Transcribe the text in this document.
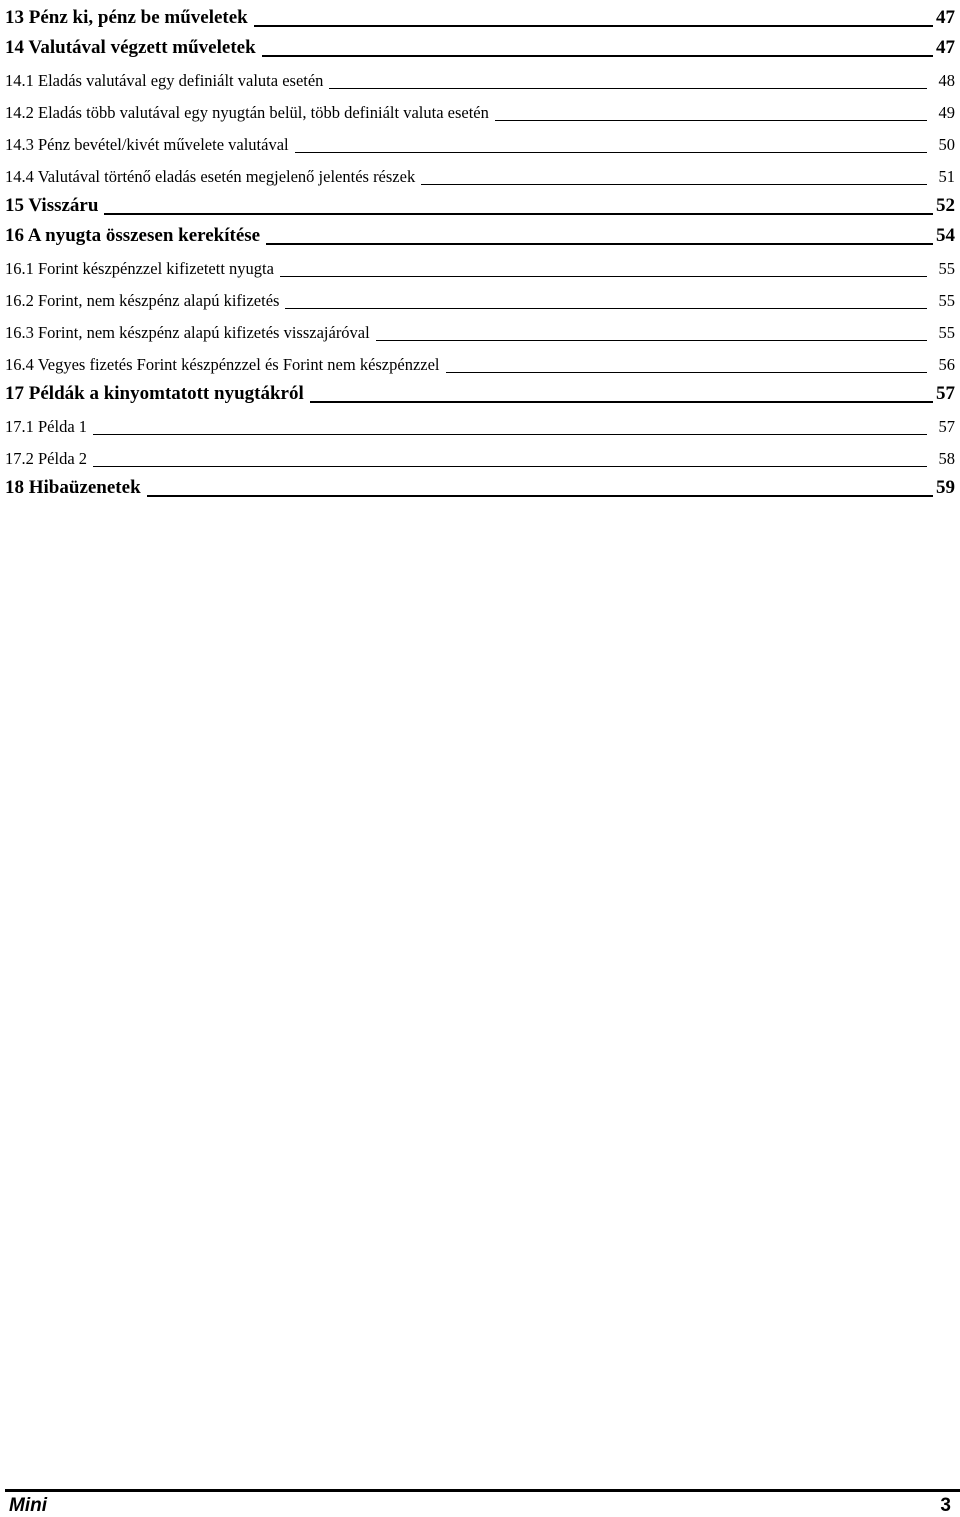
13 Pénz ki, pénz be műveletek	47
14 Valutával végzett műveletek	47
14.1 Eladás valutával egy definiált valuta esetén	48
14.2 Eladás több valutával egy nyugtán belül, több definiált valuta esetén	49
14.3 Pénz bevétel/kivét művelete valutával	50
14.4 Valutával történő eladás esetén megjelenő jelentés részek	51
15 Visszáru	52
16 A nyugta összesen kerekítése	54
16.1 Forint készpénzzel kifizetett nyugta	55
16.2 Forint, nem készpénz alapú kifizetés	55
16.3 Forint, nem készpénz alapú kifizetés visszajáróval	55
16.4 Vegyes fizetés Forint készpénzzel és Forint nem készpénzzel	56
17 Példák a kinyomtatott nyugtákról	57
17.1 Példa 1	57
17.2 Példa 2	58
18 Hibaüzenetek	59
Mini	3
